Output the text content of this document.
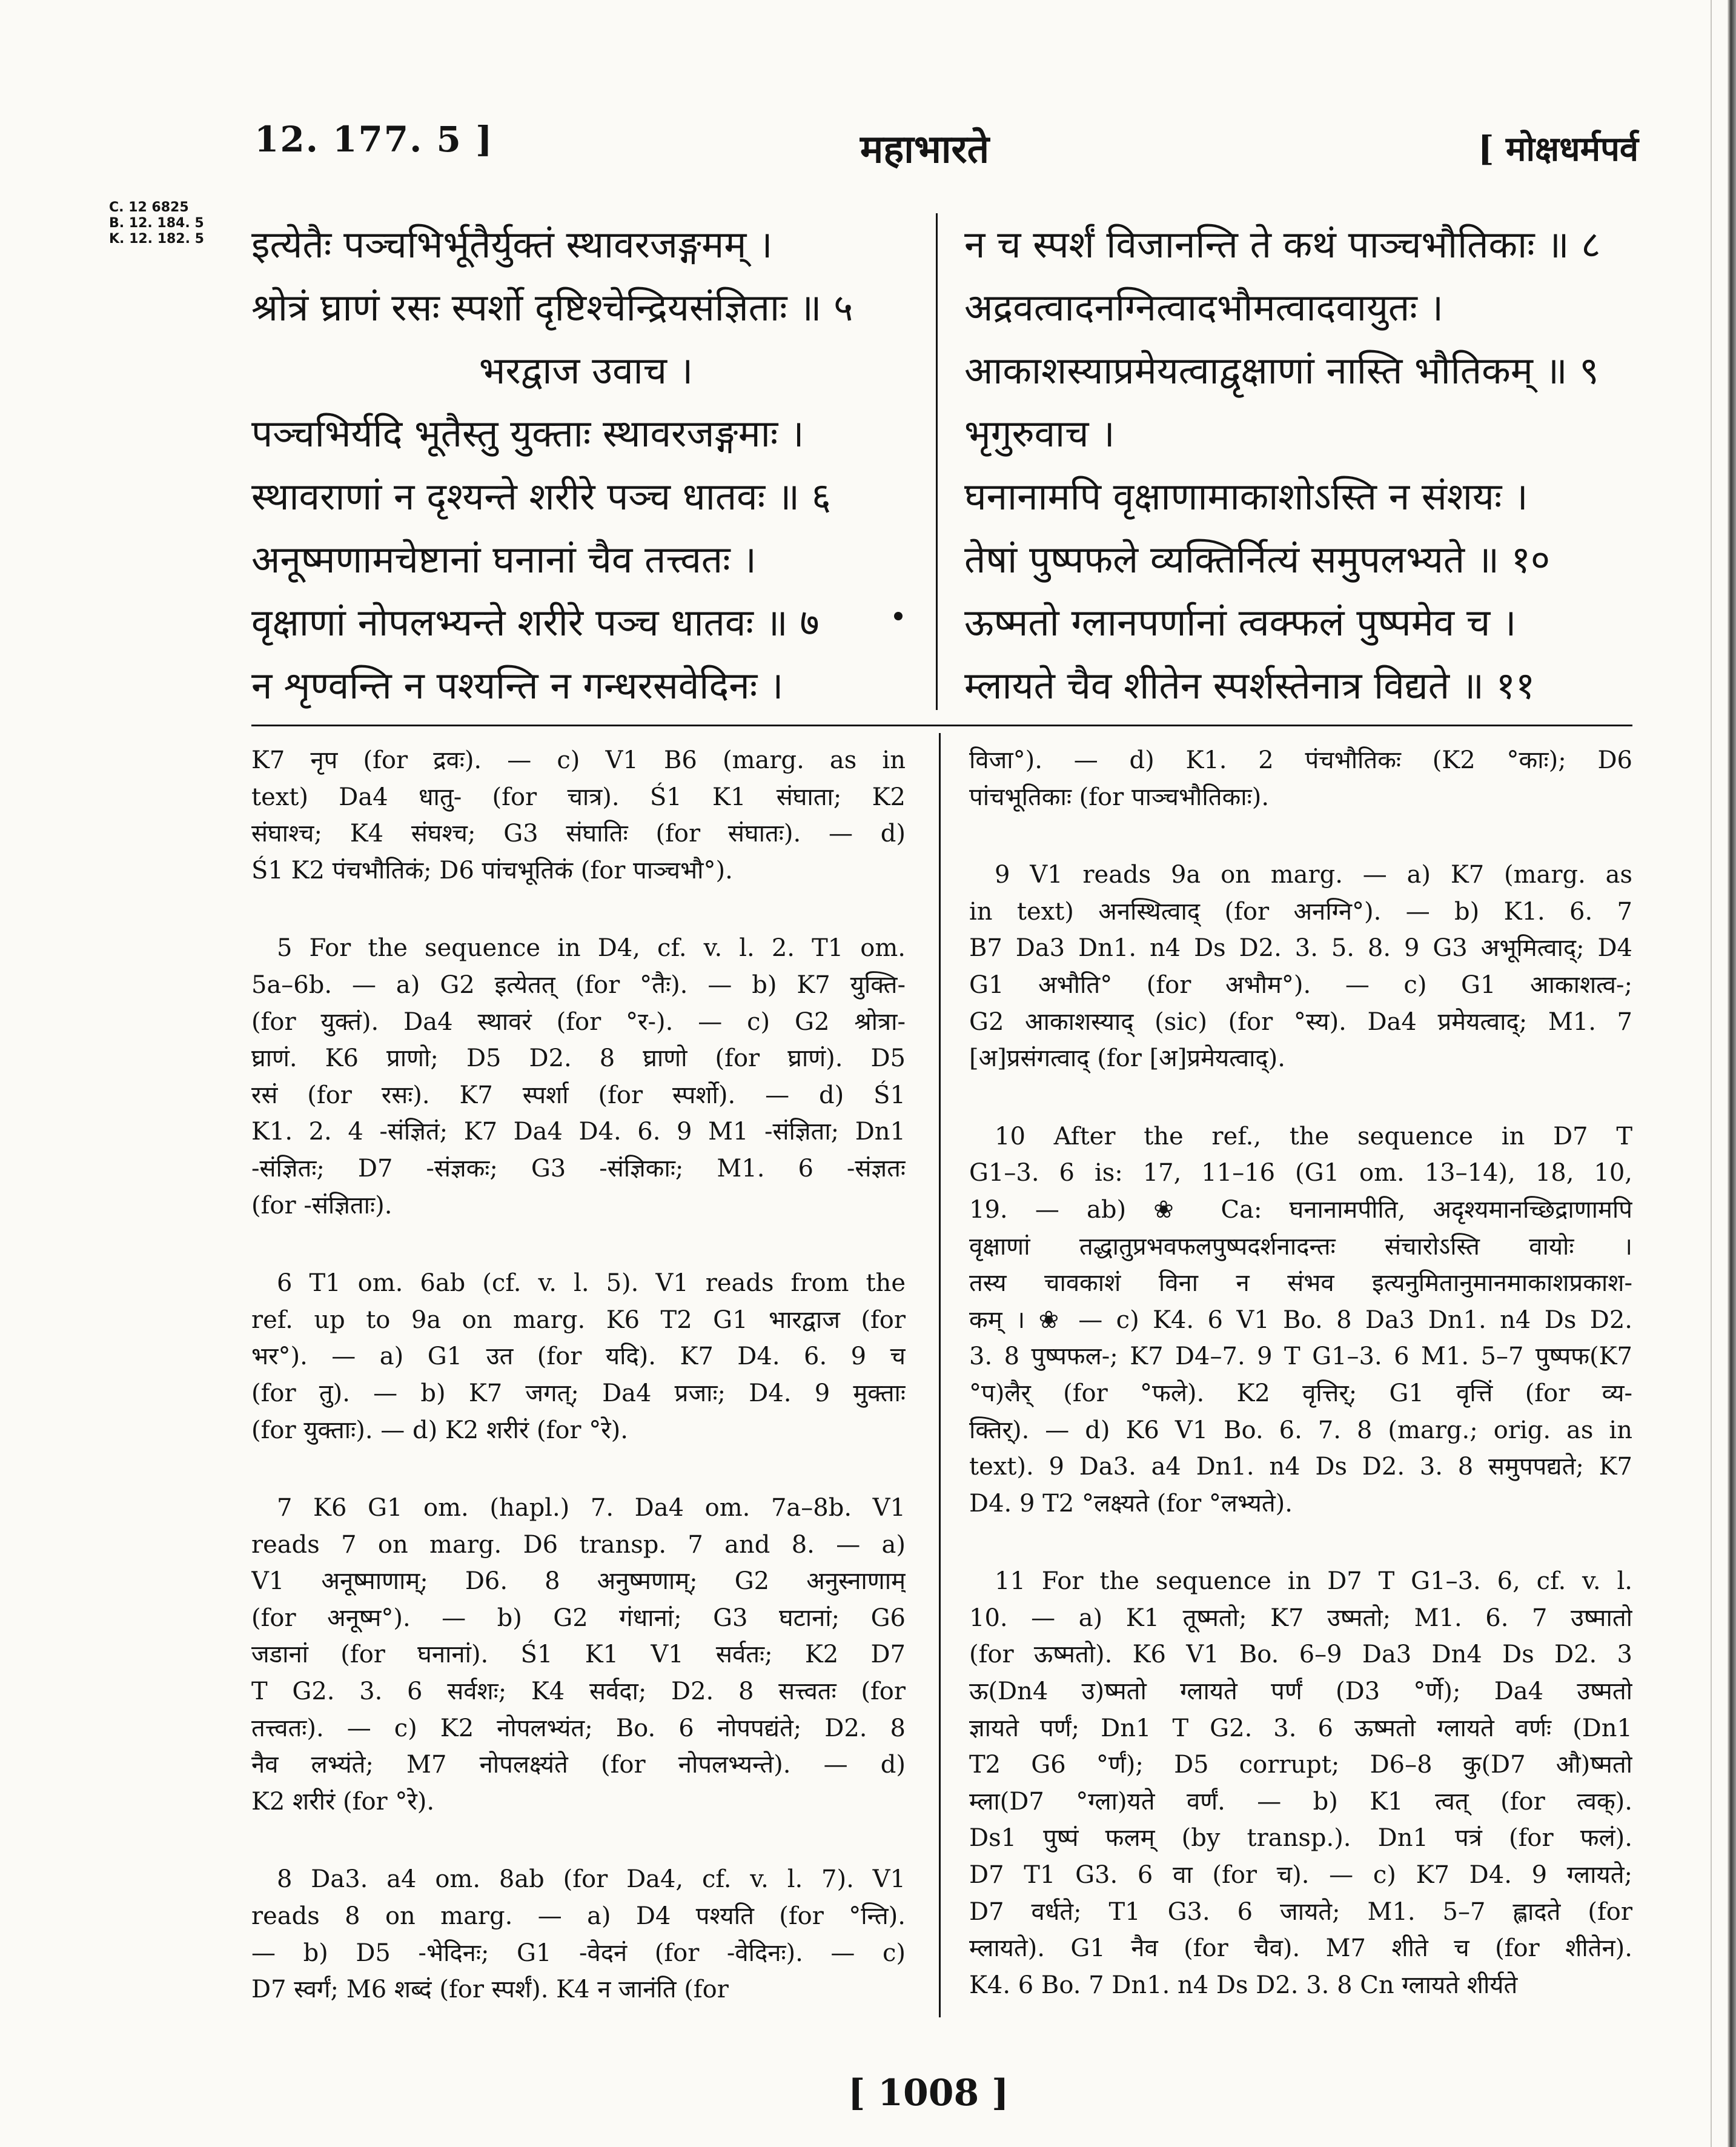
12. 177. 5 ]	महाभारते	[ मोक्षधर्मपर्व
C. 12 6825
B. 12. 184. 5
K. 12. 182. 5 इत्येतैः पञ्चभिर्भूतैर्युक्तं स्थावरजङ्गमम् ।
श्रोत्रं घ्राणं रसः स्पर्शो दृष्टिश्चेन्द्रियसंज्ञिताः ॥ ५
भरद्वाज उवाच ।
पञ्चभिर्यदि भूतैस्तु युक्ताः स्थावरजङ्गमाः ।
स्थावराणां न दृश्यन्ते शरीरे पञ्च धातवः ॥ ६
अनूष्मणामचेष्टानां घनानां चैव तत्त्वतः ।
वृक्षाणां नोपलभ्यन्ते शरीरे पञ्च धातवः ॥ ७
न शृण्वन्ति न पश्यन्ति न गन्धरसवेदिनः ।
न च स्पर्शं विजानन्ति ते कथं पाञ्चभौतिकाः ॥ ८
अद्रवत्वादनग्नित्वादभौमत्वादवायुतः ।
आकाशस्याप्रमेयत्वाद्वृक्षाणां नास्ति भौतिकम् ॥ ९
भृगुरुवाच ।
घनानामपि वृक्षाणामाकाशोऽस्ति न संशयः ।
तेषां पुष्पफले व्यक्तिर्नित्यं समुपलभ्यते ॥ १०
ऊष्मतो ग्लानपर्णानां त्वक्फलं पुष्पमेव च ।
म्लायते चैव शीतेन स्पर्शस्तेनात्र विद्यते ॥ ११
K7 नृप (for द्रवः). — c) V1 B6 (marg. as in
text) Da4 धातु- (for चात्र). Ś1 K1 संघाता; K2
संघाश्च; K4 संघश्च; G3 संघातिः (for संघातः). — d)
Ś1 K2 पंचभौतिकं; D6 पांचभूतिकं (for पाञ्चभौ°).
5 For the sequence in D4, cf. v. l. 2. T1 om.
5a–6b. — a) G2 इत्येतत् (for °तैः). — b) K7 युक्ति-
(for युक्तं). Da4 स्थावरं (for °र-). — c) G2 श्रोत्रा-
घ्राणं. K6 प्राणो; D5 D2. 8 घ्राणो (for घ्राणं). D5
रसं (for रसः). K7 स्पर्शा (for स्पर्शो). — d) Ś1
K1. 2. 4 -संज्ञितं; K7 Da4 D4. 6. 9 M1 -संज्ञिता; Dn1
-संज्ञितः; D7 -संज्ञकः; G3 -संज्ञिकाः; M1. 6 -संज्ञतः
(for -संज्ञिताः).
6 T1 om. 6ab (cf. v. l. 5). V1 reads from the
ref. up to 9a on marg. K6 T2 G1 भारद्वाज (for
भर°). — a) G1 उत (for यदि). K7 D4. 6. 9 च
(for तु). — b) K7 जगत्; Da4 प्रजाः; D4. 9 मुक्ताः
(for युक्ताः). — d) K2 शरीरं (for °रे).
7 K6 G1 om. (hapl.) 7. Da4 om. 7a–8b. V1
reads 7 on marg. D6 transp. 7 and 8. — a)
V1 अनूष्माणाम्; D6. 8 अनुष्मणाम्; G2 अनुस्नाणाम्
(for अनूष्म°). — b) G2 गंधानां; G3 घटानां; G6
जडानां (for घनानां). Ś1 K1 V1 सर्वतः; K2 D7
T G2. 3. 6 सर्वशः; K4 सर्वदा; D2. 8 सत्त्वतः (for
तत्त्वतः). — c) K2 नोपलभ्यंत; Bo. 6 नोपपद्यंते; D2. 8
नैव लभ्यंते; M7 नोपलक्ष्यंते (for नोपलभ्यन्ते). — d)
K2 शरीरं (for °रे).
8 Da3. a4 om. 8ab (for Da4, cf. v. l. 7). V1
reads 8 on marg. — a) D4 पश्यति (for °न्ति).
— b) D5 -भेदिनः; G1 -वेदनं (for -वेदिनः). — c)
D7 स्वर्गं; M6 शब्दं (for स्पर्शं). K4 न जानंति (for
विजा°). — d) K1. 2 पंचभौतिकः (K2 °काः); D6
पांचभूतिकाः (for पाञ्चभौतिकाः).
9 V1 reads 9a on marg. — a) K7 (marg. as
in text) अनस्थित्वाद् (for अनग्नि°). — b) K1. 6. 7
B7 Da3 Dn1. n4 Ds D2. 3. 5. 8. 9 G3 अभूमित्वाद्; D4
G1 अभौति° (for अभौम°). — c) G1 आकाशत्व-;
G2 आकाशस्याद् (sic) (for °स्य). Da4 प्रमेयत्वाद्; M1. 7
[अ]प्रसंगत्वाद् (for [अ]प्रमेयत्वाद्).
10 After the ref., the sequence in D7 T
G1–3. 6 is: 17, 11–16 (G1 om. 13–14), 18, 10,
19. — ab) ❀ Ca: घनानामपीति, अदृश्यमानच्छिद्राणामपि
वृक्षाणां तद्धातुप्रभवफलपुष्पदर्शनादन्तः संचारोऽस्ति वायोः ।
तस्य चावकाशं विना न संभव इत्यनुमितानुमानमाकाशप्रकाश-
कम् । ❀ — c) K4. 6 V1 Bo. 8 Da3 Dn1. n4 Ds D2.
3. 8 पुष्पफल-; K7 D4–7. 9 T G1–3. 6 M1. 5–7 पुष्पफ(K7
°प)लैर् (for °फले). K2 वृत्तिर्; G1 वृत्तिं (for व्य-
क्तिर्). — d) K6 V1 Bo. 6. 7. 8 (marg.; orig. as in
text). 9 Da3. a4 Dn1. n4 Ds D2. 3. 8 समुपपद्यते; K7
D4. 9 T2 °लक्ष्यते (for °लभ्यते).
11 For the sequence in D7 T G1–3. 6, cf. v. l.
10. — a) K1 तूष्मतो; K7 उष्मतो; M1. 6. 7 उष्मातो
(for ऊष्मतो). K6 V1 Bo. 6–9 Da3 Dn4 Ds D2. 3
ऊ(Dn4 उ)ष्मतो ग्लायते पर्णं (D3 °र्णे); Da4 उष्मतो
ज्ञायते पर्णं; Dn1 T G2. 3. 6 ऊष्मतो ग्लायते वर्णः (Dn1
T2 G6 °र्णं); D5 corrupt; D6–8 कु(D7 औ)ष्मतो
म्ला(D7 °ग्ला)यते वर्णं. — b) K1 त्वत् (for त्वक्).
Ds1 पुष्पं फलम् (by transp.). Dn1 पत्रं (for फलं).
D7 T1 G3. 6 वा (for च). — c) K7 D4. 9 ग्लायते;
D7 वर्धते; T1 G3. 6 जायते; M1. 5–7 ह्लादते (for
म्लायते). G1 नैव (for चैव). M7 शीते च (for शीतेन).
K4. 6 Bo. 7 Dn1. n4 Ds D2. 3. 8 Cn ग्लायते शीर्यते
[ 1008 ]
